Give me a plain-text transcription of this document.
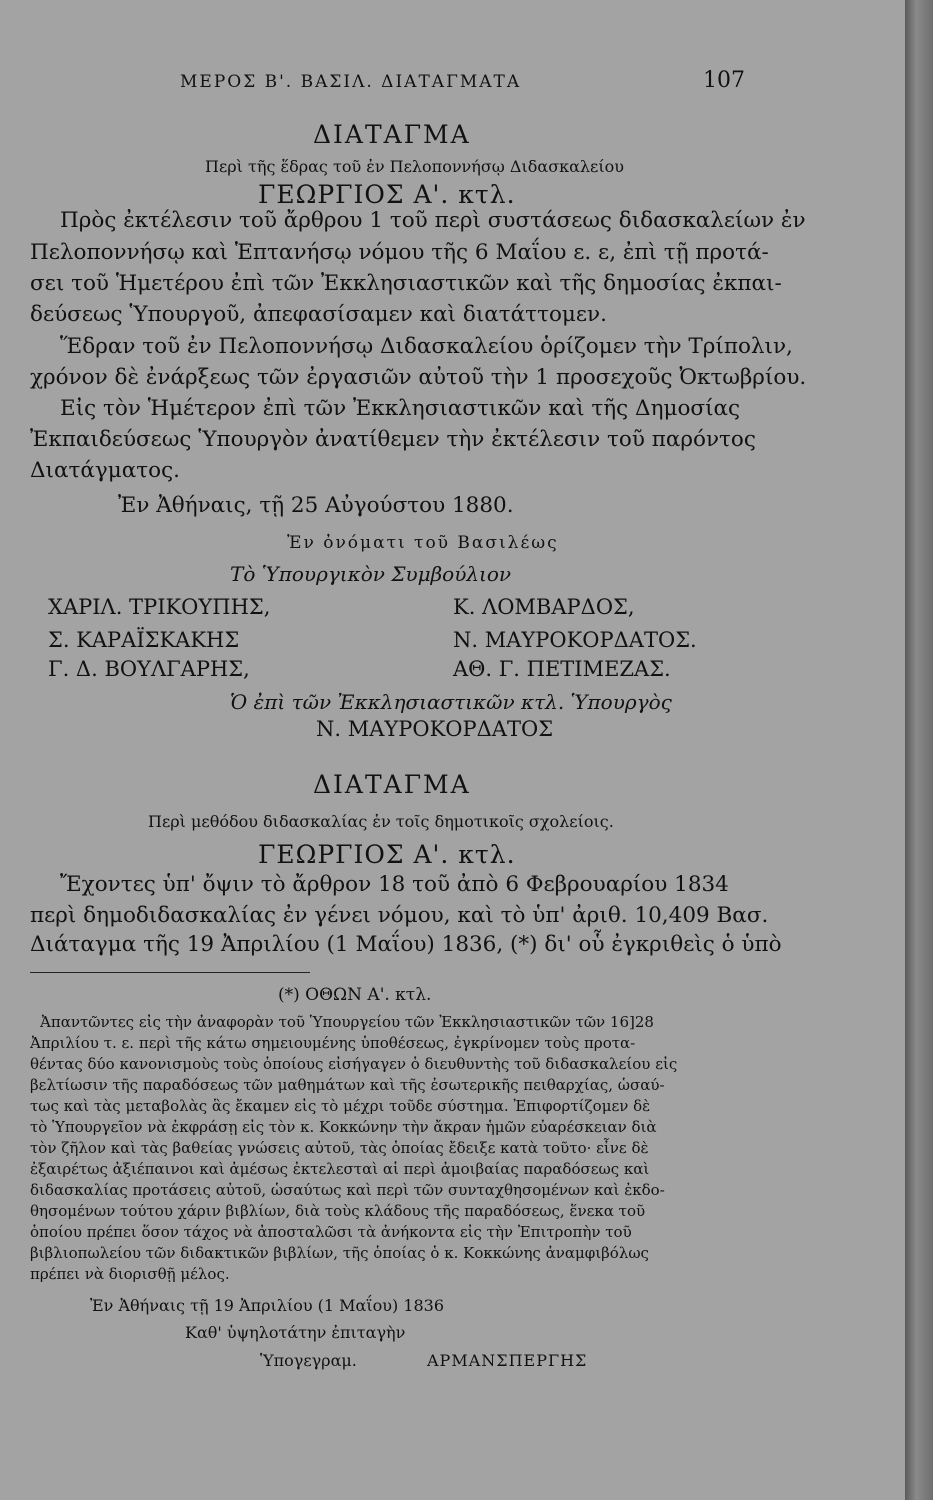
ΜΕΡΟΣ Β'. ΒΑΣΙΛ. ΔΙΑΤΑΓΜΑΤΑ	107

ΔΙΑΤΑΓΜΑ

Περὶ τῆς ἕδρας τοῦ ἐν Πελοποννήσῳ Διδασκαλείου

ΓΕΩΡΓΙΟΣ Α'. κτλ.

Πρὸς ἐκτέλεσιν τοῦ ἄρθρου 1 τοῦ περὶ συστάσεως διδασκαλείων ἐν

Πελοποννήσῳ καὶ Ἑπτανήσῳ νόμου τῆς 6 Μαΐου ε. ε, ἐπὶ τῇ προτά-

σει τοῦ Ἡμετέρου ἐπὶ τῶν Ἐκκλησιαστικῶν καὶ τῆς δημοσίας ἐκπαι-

δεύσεως Ὑπουργοῦ, ἀπεφασίσαμεν καὶ διατάττομεν.

Ἕδραν τοῦ ἐν Πελοποννήσῳ Διδασκαλείου ὁρίζομεν τὴν Τρίπολιν,

χρόνον δὲ ἐνάρξεως τῶν ἐργασιῶν αὐτοῦ τὴν 1 προσεχοῦς Ὀκτωβρίου.

Εἰς τὸν Ἡμέτερον ἐπὶ τῶν Ἐκκλησιαστικῶν καὶ τῆς Δημοσίας

Ἐκπαιδεύσεως Ὑπουργὸν ἀνατίθεμεν τὴν ἐκτέλεσιν τοῦ παρόντος

Διατάγματος.

Ἐν Ἀθήναις, τῇ 25 Αὐγούστου 1880.

Ἐν ὀνόματι τοῦ Βασιλέως

Τὸ Ὑπουργικὸν Συμβούλιον

ΧΑΡΙΛ. ΤΡΙΚΟΥΠΗΣ,

Σ. ΚΑΡΑΪΣΚΑΚΗΣ

Γ. Δ. ΒΟΥΛΓΑΡΗΣ,

Κ. ΛΟΜΒΑΡΔΟΣ,

Ν. ΜΑΥΡΟΚΟΡΔΑΤΟΣ.

ΑΘ. Γ. ΠΕΤΙΜΕΖΑΣ.

Ὁ ἐπὶ τῶν Ἐκκλησιαστικῶν κτλ. Ὑπουργὸς

Ν. ΜΑΥΡΟΚΟΡΔΑΤΟΣ

ΔΙΑΤΑΓΜΑ

Περὶ μεθόδου διδασκαλίας ἐν τοῖς δημοτικοῖς σχολείοις.

ΓΕΩΡΓΙΟΣ Α'. κτλ.

Ἔχοντες ὑπ' ὄψιν τὸ ἄρθρον 18 τοῦ ἀπὸ 6 Φεβρουαρίου 1834

περὶ δημοδιδασκαλίας ἐν γένει νόμου, καὶ τὸ ὑπ' ἀριθ. 10,409 Βασ.

Διάταγμα τῆς 19 Ἀπριλίου (1 Μαΐου) 1836, (*) δι' οὗ ἐγκριθεὶς ὁ ὑπὸ

(*) ΟΘΩΝ Α'. κτλ.

Ἀπαντῶντες εἰς τὴν ἀναφορὰν τοῦ Ὑπουργείου τῶν Ἐκκλησιαστικῶν τῶν 16]28

Ἀπριλίου τ. ε. περὶ τῆς κάτω σημειουμένης ὑποθέσεως, ἐγκρίνομεν τοὺς προτα-

θέντας δύο κανονισμοὺς τοὺς ὁποίους εἰσήγαγεν ὁ διευθυντὴς τοῦ διδασκαλείου εἰς

βελτίωσιν τῆς παραδόσεως τῶν μαθημάτων καὶ τῆς ἐσωτερικῆς πειθαρχίας, ὡσαύ-

τως καὶ τὰς μεταβολὰς ἃς ἔκαμεν εἰς τὸ μέχρι τοῦδε σύστημα. Ἐπιφορτίζομεν δὲ

τὸ Ὑπουργεῖον νὰ ἐκφράσῃ εἰς τὸν κ. Κοκκώνην τὴν ἄκραν ἡμῶν εὐαρέσκειαν διὰ

τὸν ζῆλον καὶ τὰς βαθείας γνώσεις αὐτοῦ, τὰς ὁποίας ἔδειξε κατὰ τοῦτο· εἶνε δὲ

ἐξαιρέτως ἀξιέπαινοι καὶ ἀμέσως ἐκτελεσταὶ αἱ περὶ ἀμοιβαίας παραδόσεως καὶ

διδασκαλίας προτάσεις αὐτοῦ, ὡσαύτως καὶ περὶ τῶν συνταχθησομένων καὶ ἐκδο-

θησομένων τούτου χάριν βιβλίων, διὰ τοὺς κλάδους τῆς παραδόσεως, ἕνεκα τοῦ

ὁποίου πρέπει ὅσον τάχος νὰ ἀποσταλῶσι τὰ ἀνήκοντα εἰς τὴν Ἐπιτροπὴν τοῦ

βιβλιοπωλείου τῶν διδακτικῶν βιβλίων, τῆς ὁποίας ὁ κ. Κοκκώνης ἀναμφιβόλως

πρέπει νὰ διορισθῇ μέλος.

Ἐν Ἀθήναις τῇ 19 Ἀπριλίου (1 Μαΐου) 1836

Καθ' ὑψηλοτάτην ἐπιταγὴν

Ὑπογεγραμ.	ΑΡΜΑΝΣΠΕΡΓΗΣ
